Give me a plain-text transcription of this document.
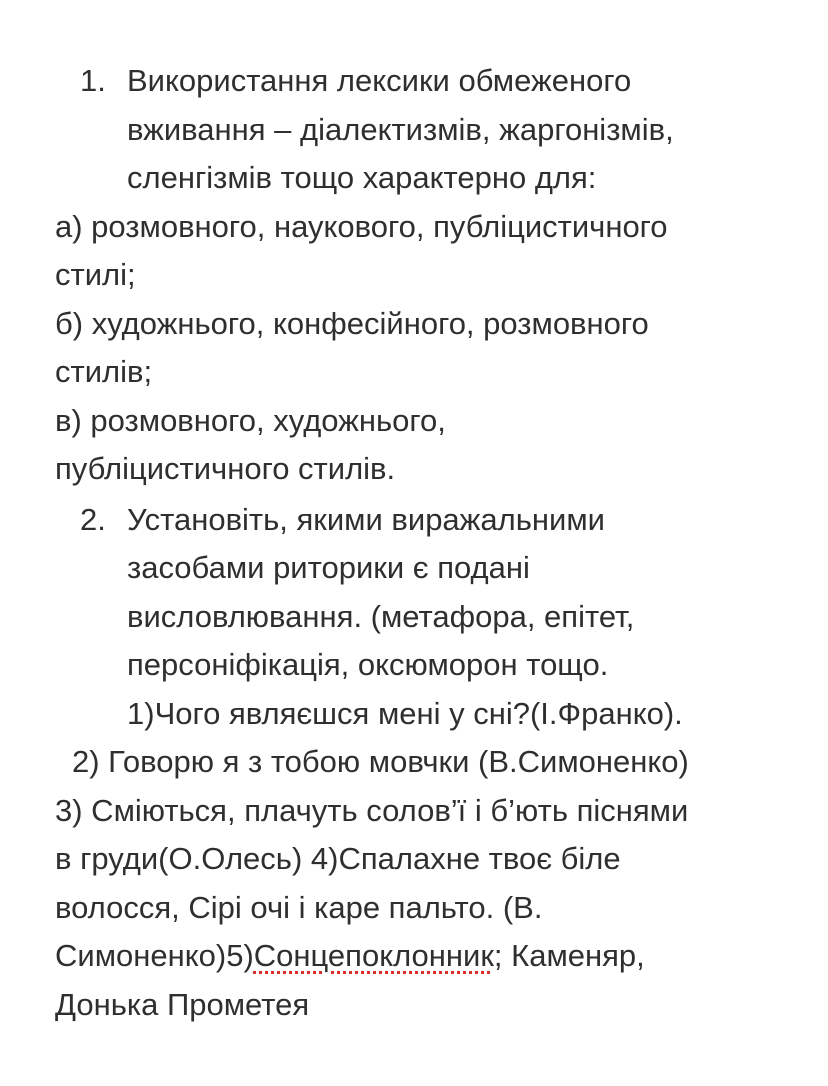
1. Використання лексики обмеженого
вживання – діалектизмів, жаргонізмів,
сленгізмів тощо характерно для:
а) розмовного, наукового, публіцистичного
стилі;
б) художнього, конфесійного, розмовного
стилів;
в) розмовного, художнього,
публіцистичного стилів.
2. Установіть, якими виражальними
засобами риторики є подані
висловлювання. (метафора, епітет,
персоніфікація, оксюморон тощо.
1)Чого являєшся мені у сні?(І.Франко).
2) Говорю я з тобою мовчки (В.Симоненко)
3) Сміються, плачуть солов’ї і б’ють піснями
в груди(О.Олесь) 4)Спалахне твоє біле
волосся, Сірі очі і каре пальто. (В.
Симоненко)5)Сонцепоклонник; Каменяр,
Донька Прометея
